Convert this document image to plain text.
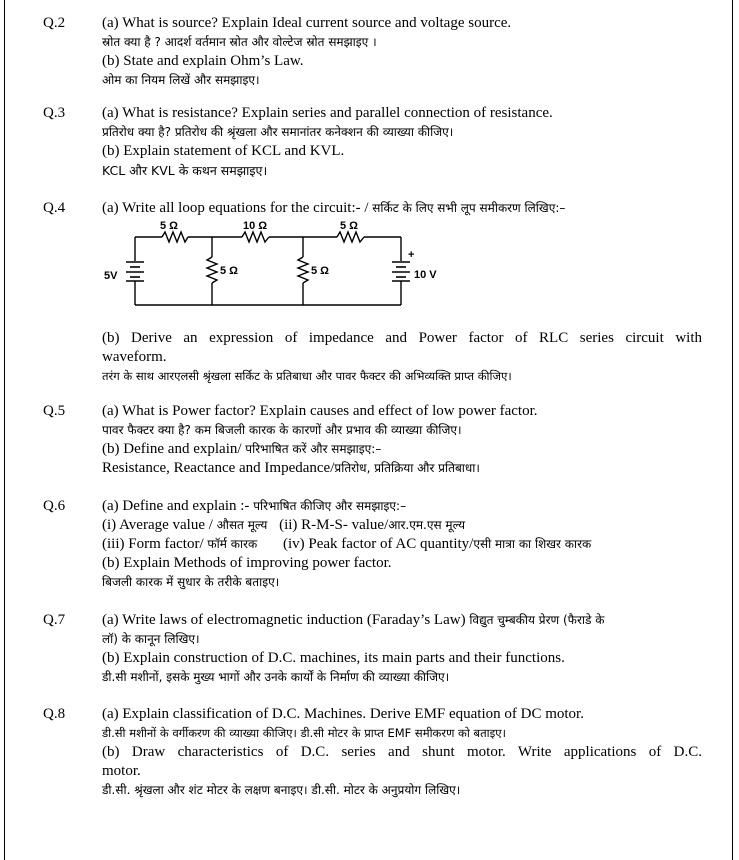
Q.2 (a) What is source? Explain Ideal current source and voltage source.
स्रोत क्या है ? आदर्श वर्तमान स्रोत और वोल्टेज स्रोत समझाइए ।
(b) State and explain Ohm’s Law.
ओम का नियम लिखें और समझाइए।
Q.3 (a) What is resistance? Explain series and parallel connection of resistance.
प्रतिरोध क्या है? प्रतिरोध की श्रृंखला और समानांतर कनेक्शन की व्याख्या कीजिए।
(b) Explain statement of KCL and KVL.
KCL और KVL के कथन समझाइए।
Q.4 (a) Write all loop equations for the circuit:- / सर्किट के लिए सभी लूप समीकरण लिखिए:–
5 Ω	10 Ω	5 Ω
5V	5 Ω	5 Ω
+
10 V
(b) Derive an expression of impedance and Power factor of RLC series circuit with
waveform.
तरंग के साथ आरएलसी श्रृंखला सर्किट के प्रतिबाधा और पावर फैक्टर की अभिव्यक्ति प्राप्त कीजिए।
Q.5 (a) What is Power factor? Explain causes and effect of low power factor.
पावर फैक्टर क्या है? कम बिजली कारक के कारणों और प्रभाव की व्याख्या कीजिए।
(b) Define and explain/ परिभाषित करें और समझाइए:–
Resistance, Reactance and Impedance/प्रतिरोध, प्रतिक्रिया और प्रतिबाधा।
Q.6 (a) Define and explain :- परिभाषित कीजिए और समझाइए:–
(i) Average value / औसत मूल्य (ii) R-M-S- value/आर.एम.एस मूल्य
(iii) Form factor/ फॉर्म कारक (iv) Peak factor of AC quantity/एसी मात्रा का शिखर कारक
(b) Explain Methods of improving power factor.
बिजली कारक में सुधार के तरीके बताइए।
Q.7 (a) Write laws of electromagnetic induction (Faraday’s Law) विद्युत चुम्बकीय प्रेरण (फैराडे के
लॉ) के कानून लिखिए।
(b) Explain construction of D.C. machines, its main parts and their functions.
डी.सी मशीनों, इसके मुख्य भागों और उनके कार्यों के निर्माण की व्याख्या कीजिए।
Q.8 (a) Explain classification of D.C. Machines. Derive EMF equation of DC motor.
डी.सी मशीनों के वर्गीकरण की व्याख्या कीजिए। डी.सी मोटर के प्राप्त EMF समीकरण को बताइए।
(b) Draw characteristics of D.C. series and shunt motor. Write applications of D.C.
motor.
डी.सी. श्रृंखला और शंट मोटर के लक्षण बनाइए। डी.सी. मोटर के अनुप्रयोग लिखिए।
